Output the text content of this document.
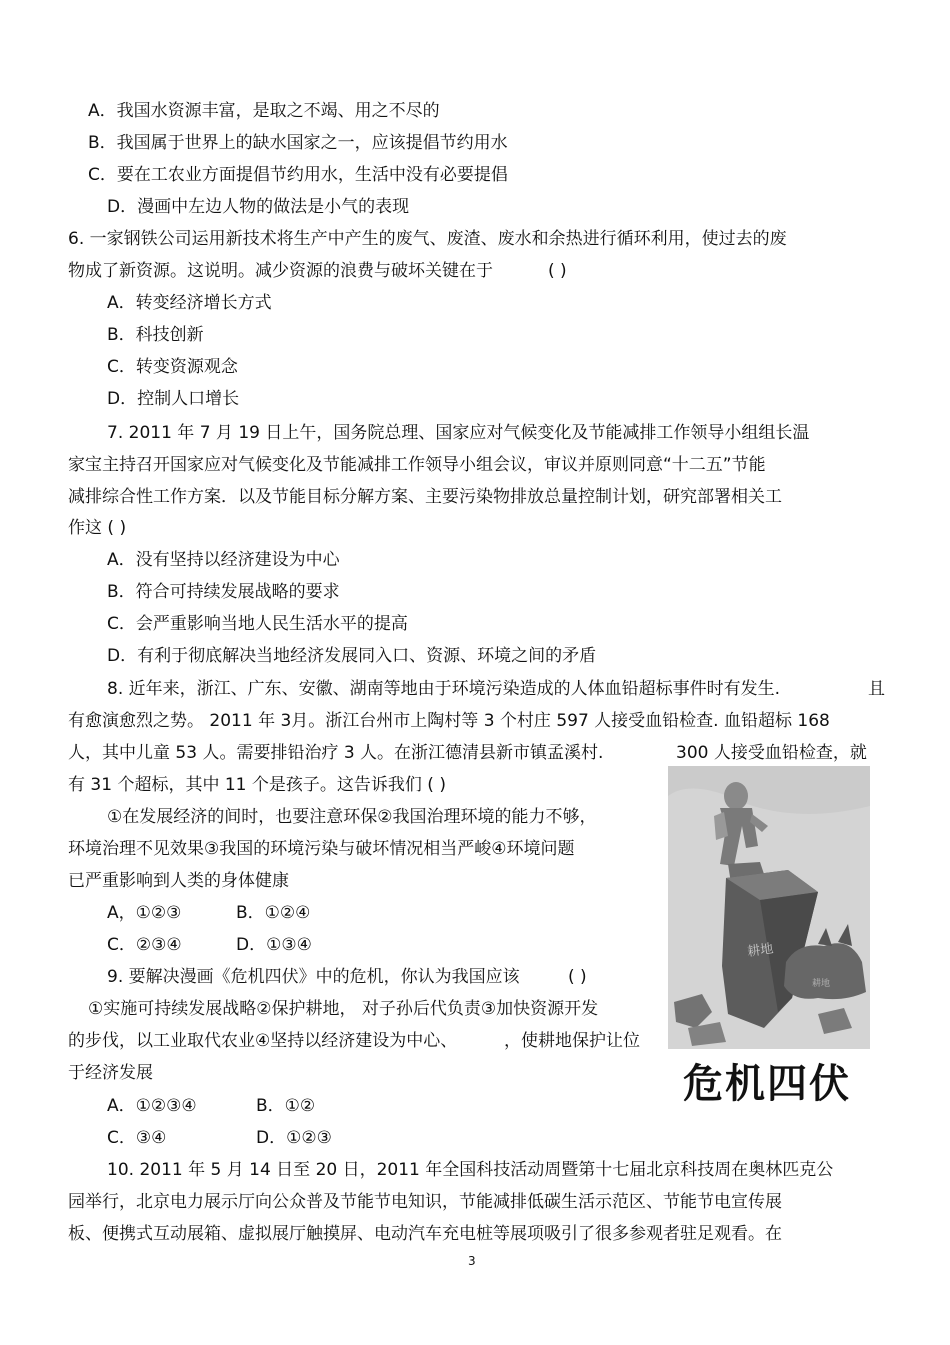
A．我国水资源丰富，是取之不竭、用之不尽的
B．我国属于世界上的缺水国家之一，应该提倡节约用水
C．要在工农业方面提倡节约用水，生活中没有必要提倡
D．漫画中左边人物的做法是小气的表现
6. 一家钢铁公司运用新技术将生产中产生的废气、废渣、废水和余热进行循环利用，使过去的废
物成了新资源。这说明。减少资源的浪费与破坏关键在于	( )
A．转变经济增长方式
B．科技创新
C．转变资源观念
D．控制人口增长
7. 2011 年 7 月 19 日上午，国务院总理、国家应对气候变化及节能减排工作领导小组组长温
家宝主持召开国家应对气候变化及节能减排工作领导小组会议，审议并原则同意“十二五”节能
减排综合性工作方案．以及节能目标分解方案、主要污染物排放总量控制计划，研究部署相关工
作这 ( )
A．没有坚持以经济建设为中心
B．符合可持续发展战略的要求
C．会严重影响当地人民生活水平的提高
D．有利于彻底解决当地经济发展同入口、资源、环境之间的矛盾
8. 近年来，浙江、广东、安徽、湖南等地由于环境污染造成的人体血铅超标事件时有发生.	且
有愈演愈烈之势。 2011 年 3月。浙江台州市上陶村等 3 个村庄 597 人接受血铅检查. 血铅超标 168
人，其中儿童 53 人。需要排铅治疗 3 人。在浙江德清县新市镇孟溪村.	300 人接受血铅检查，就
有 31 个超标，其中 11 个是孩子。这告诉我们 ( )
①在发展经济的间时，也要注意环保②我国治理环境的能力不够，
环境治理不见效果③我国的环境污染与破坏情况相当严峻④环境问题
已严重影响到人类的身体健康
A，①②③	B．①②④
C．②③④	D．①③④
9. 要解决漫画《危机四伏》中的危机，你认为我国应该	( )
①实施可持续发展战略②保护耕地， 对子孙后代负责③加快资源开发
的步伐，以工业取代农业④坚持以经济建设为中心、	，使耕地保护让位
于经济发展
A．①②③④	B．①②
C．③④	D．①②③
10. 2011 年 5 月 14 日至 20 日，2011 年全国科技活动周暨第十七届北京科技周在奥林匹克公
园举行，北京电力展示厅向公众普及节能节电知识，节能减排低碳生活示范区、节能节电宣传展
板、便携式互动展箱、虚拟展厅触摸屏、电动汽车充电桩等展项吸引了很多参观者驻足观看。在
耕地
耕地
危机四伏
3
